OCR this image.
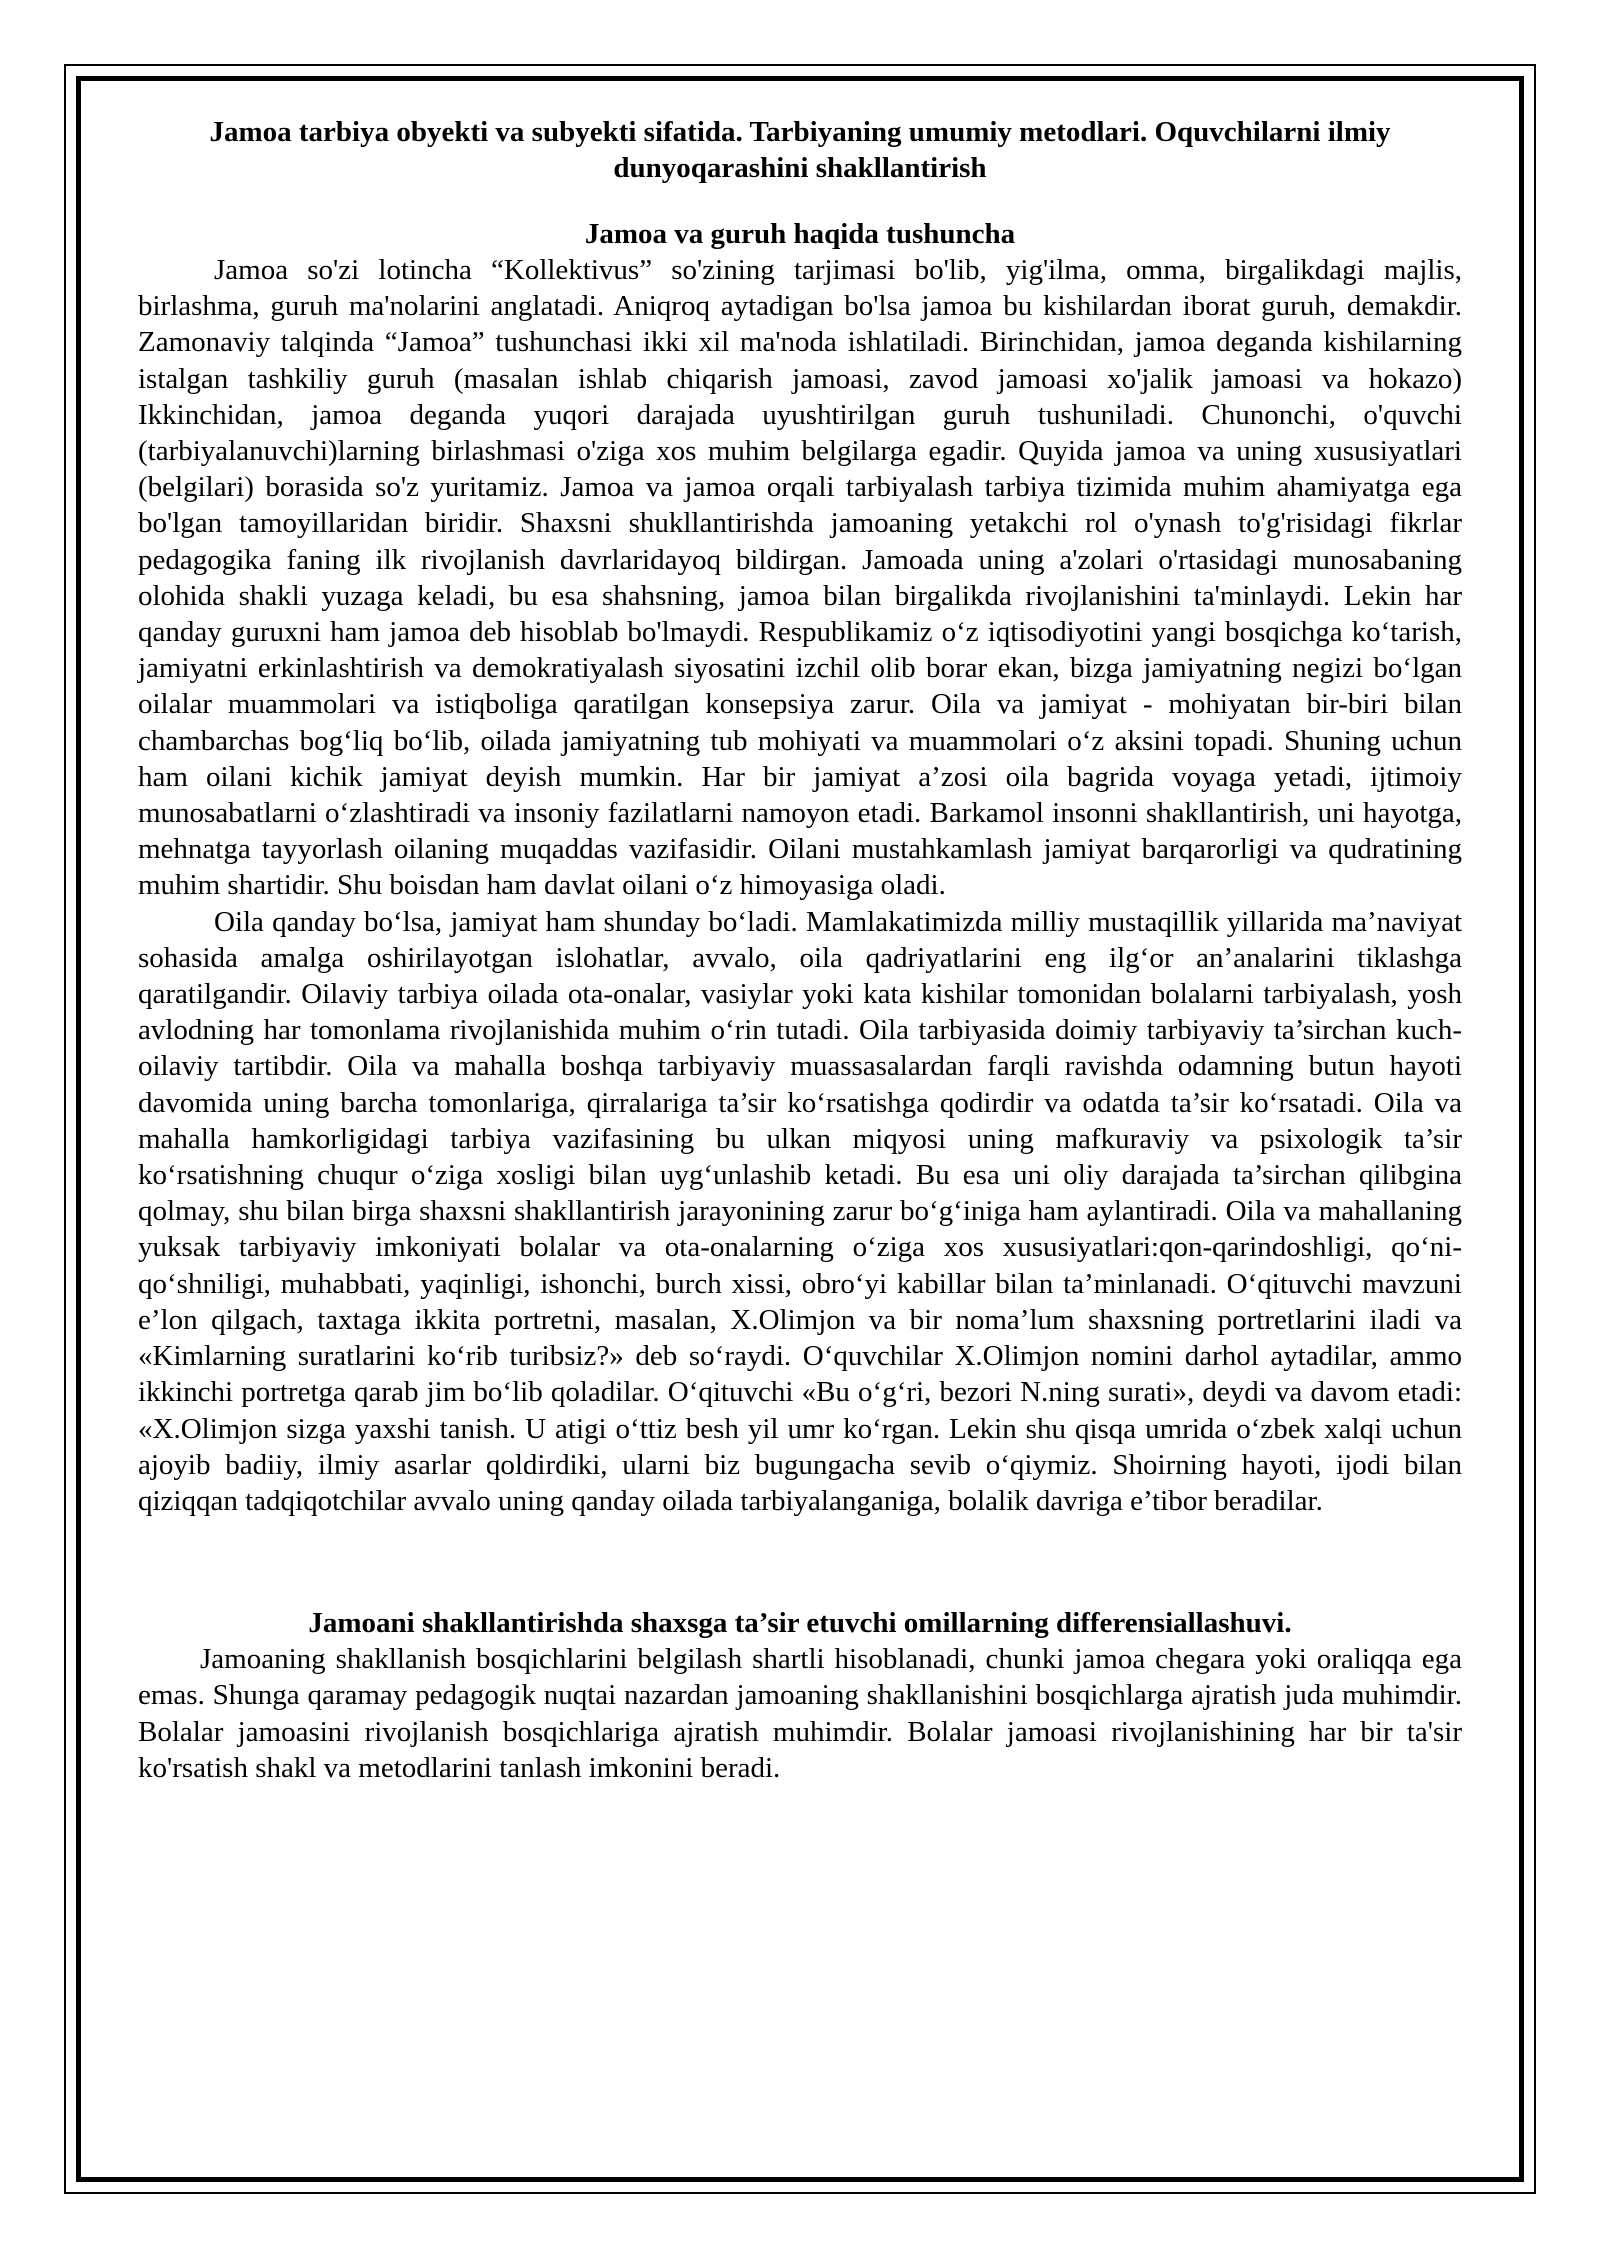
Jamoa tarbiya obyekti va subyekti sifatida. Tarbiyaning umumiy metodlari. Oquvchilarni ilmiy dunyoqarashini shakllantirish
Jamoa va guruh haqida tushuncha

Jamoa so'zi lotincha “Kollektivus” so'zining tarjimasi bo'lib, yig'ilma, omma, birgalikdagi majlis, birlashma, guruh ma'nolarini anglatadi. Aniqroq aytadigan bo'lsa jamoa bu kishilardan iborat guruh, demakdir. Zamonaviy talqinda “Jamoa” tushunchasi ikki xil ma'noda ishlatiladi. Birinchidan, jamoa deganda kishilarning istalgan tashkiliy guruh (masalan ishlab chiqarish jamoasi, zavod jamoasi xo'jalik jamoasi va hokazo) Ikkinchidan, jamoa deganda yuqori darajada uyushtirilgan guruh tushuniladi. Chunonchi, o'quvchi (tarbiyalanuvchi)larning birlashmasi o'ziga xos muhim belgilarga egadir. Quyida jamoa va uning xususiyatlari (belgilari) borasida so'z yuritamiz. Jamoa va jamoa orqali tarbiyalash tarbiya tizimida muhim ahamiyatga ega bo'lgan tamoyillaridan biridir. Shaxsni shukllantirishda jamoaning yetakchi rol o'ynash to'g'risidagi fikrlar pedagogika faning ilk rivojlanish davrlaridayoq bildirgan. Jamoada uning a'zolari o'rtasidagi munosabaning olohida shakli yuzaga keladi, bu esa shahsning, jamoa bilan birgalikda rivojlanishini ta'minlaydi. Lekin har qanday guruxni ham jamoa deb hisoblab bo'lmaydi. Respublikamiz o‘z iqtisodiyotini yangi bosqichga ko‘tarish, jamiyatni erkinlashtirish va demokratiyalash siyosatini izchil olib borar ekan, bizga jamiyatning negizi bo‘lgan oilalar muammolari va istiqboliga qaratilgan konsepsiya zarur. Oila va jamiyat - mohiyatan bir-biri bilan chambarchas bog‘liq bo‘lib, oilada jamiyatning tub mohiyati va muammolari o‘z aksini topadi. Shuning uchun ham oilani kichik jamiyat deyish mumkin. Har bir jamiyat a’zosi oila bagrida voyaga yetadi, ijtimoiy munosabatlarni o‘zlashtiradi va insoniy fazilatlarni namoyon etadi. Barkamol insonni shakllantirish, uni hayotga, mehnatga tayyorlash oilaning muqaddas vazifasidir. Oilani mustahkamlash jamiyat barqarorligi va qudratining muhim shartidir. Shu boisdan ham davlat oilani o‘z himoyasiga oladi.

Oila qanday bo‘lsa, jamiyat ham shunday bo‘ladi. Mamlakatimizda milliy mustaqillik yillarida ma’naviyat sohasida amalga oshirilayotgan islohatlar, avvalo, oila qadriyatlarini eng ilg‘or an’analarini tiklashga qaratilgandir. Oilaviy tarbiya oilada ota-onalar, vasiylar yoki kata kishilar tomonidan bolalarni tarbiyalash, yosh avlodning har tomonlama rivojlanishida muhim o‘rin tutadi. Oila tarbiyasida doimiy tarbiyaviy ta’sirchan kuch-oilaviy tartibdir. Oila va mahalla boshqa tarbiyaviy muassasalardan farqli ravishda odamning butun hayoti davomida uning barcha tomonlariga, qirralariga ta’sir ko‘rsatishga qodirdir va odatda ta’sir ko‘rsatadi. Oila va mahalla hamkorligidagi tarbiya vazifasining bu ulkan miqyosi uning mafkuraviy va psixologik ta’sir ko‘rsatishning chuqur o‘ziga xosligi bilan uyg‘unlashib ketadi. Bu esa uni oliy darajada ta’sirchan qilibgina qolmay, shu bilan birga shaxsni shakllantirish jarayonining zarur bo‘g‘iniga ham aylantiradi. Oila va mahallaning yuksak tarbiyaviy imkoniyati bolalar va ota-onalarning o‘ziga xos xususiyatlari:qon-qarindoshligi, qo‘ni-qo‘shniligi, muhabbati, yaqinligi, ishonchi, burch xissi, obro‘yi kabillar bilan ta’minlanadi. O‘qituvchi mavzuni e’lon qilgach, taxtaga ikkita portretni, masalan, X.Olimjon va bir noma’lum shaxsning portretlarini iladi va «Kimlarning suratlarini ko‘rib turibsiz?» deb so‘raydi. O‘quvchilar X.Olimjon nomini darhol aytadilar, ammo ikkinchi portretga qarab jim bo‘lib qoladilar. O‘qituvchi «Bu o‘g‘ri, bezori N.ning surati», deydi va davom etadi: «X.Olimjon sizga yaxshi tanish. U atigi o‘ttiz besh yil umr ko‘rgan. Lekin shu qisqa umrida o‘zbek xalqi uchun ajoyib badiiy, ilmiy asarlar qoldirdiki, ularni biz bugungacha sevib o‘qiymiz. Shoirning hayoti, ijodi bilan qiziqqan tadqiqotchilar avvalo uning qanday oilada tarbiyalanganiga, bolalik davriga e’tibor beradilar.

Jamoani shakllantirishda shaxsga ta’sir etuvchi omillarning differensiallashuvi.

Jamoaning shakllanish bosqichlarini belgilash shartli hisoblanadi, chunki jamoa chegara yoki oraliqqa ega emas. Shunga qaramay pedagogik nuqtai nazardan jamoaning shakllanishini bosqichlarga ajratish juda muhimdir. Bolalar jamoasini rivojlanish bosqichlariga ajratish muhimdir. Bolalar jamoasi rivojlanishining har bir ta'sir ko'rsatish shakl va metodlarini tanlash imkonini beradi.
